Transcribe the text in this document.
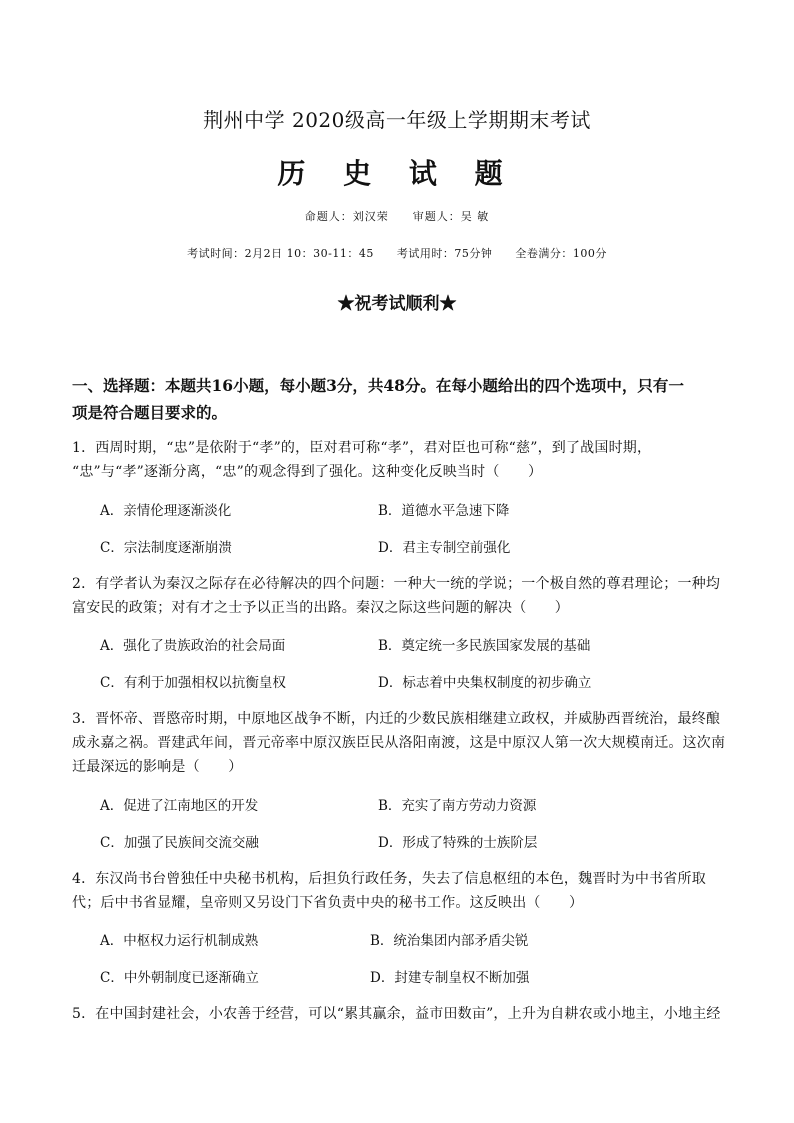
荆州中学 2020级高一年级上学期期末考试
历 史 试 题
命题人：刘汉荣　　审题人：吴 敏
考试时间：2月2日 10：30-11：45　　考试用时：75分钟　　全卷满分：100分
★祝考试顺利★
一、选择题：本题共16小题，每小题3分，共48分。在每小题给出的四个选项中，只有一
项是符合题目要求的。
1．西周时期，“忠”是依附于“孝”的，臣对君可称“孝”，君对臣也可称“慈”，到了战国时期，
“忠”与“孝”逐渐分离，“忠”的观念得到了强化。这种变化反映当时（　　）
A．亲情伦理逐渐淡化	B．道德水平急速下降
C．宗法制度逐渐崩溃	D．君主专制空前强化
2．有学者认为秦汉之际存在必待解决的四个问题：一种大一统的学说；一个极自然的尊君理论；一种均
富安民的政策；对有才之士予以正当的出路。秦汉之际这些问题的解决（　　）
A．强化了贵族政治的社会局面	B．奠定统一多民族国家发展的基础
C．有利于加强相权以抗衡皇权	D．标志着中央集权制度的初步确立
3．晋怀帝、晋愍帝时期，中原地区战争不断，内迁的少数民族相继建立政权，并威胁西晋统治，最终酿
成永嘉之祸。晋建武年间，晋元帝率中原汉族臣民从洛阳南渡，这是中原汉人第一次大规模南迁。这次南
迁最深远的影响是（　　）
A．促进了江南地区的开发	B．充实了南方劳动力资源
C．加强了民族间交流交融	D．形成了特殊的士族阶层
4．东汉尚书台曾独任中央秘书机构，后担负行政任务，失去了信息枢纽的本色，魏晋时为中书省所取
代；后中书省显耀，皇帝则又另设门下省负责中央的秘书工作。这反映出（　　）
A．中枢权力运行机制成熟	B．统治集团内部矛盾尖锐
C．中外朝制度已逐渐确立	D．封建专制皇权不断加强
5．在中国封建社会，小农善于经营，可以“累其赢余，益市田数亩”，上升为自耕农或小地主，小地主经
